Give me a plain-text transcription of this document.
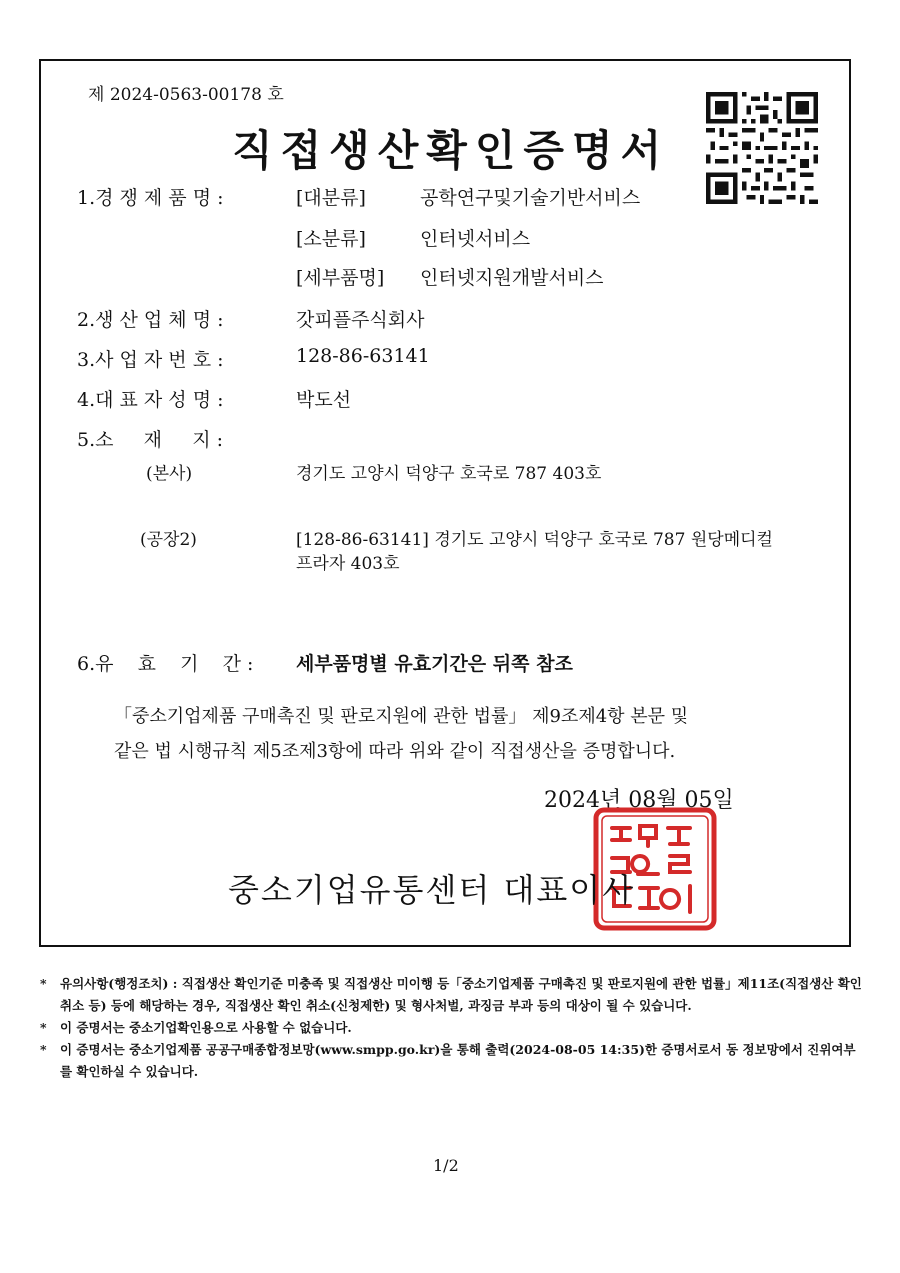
제 2024-0563-00178 호
직접생산확인증명서
1.경 쟁 제 품 명 :	[대분류]	공학연구및기술기반서비스
[소분류]	인터넷서비스
[세부품명] 인터넷지원개발서비스
2.생 산 업 체 명 :	갓피플주식회사
3.사 업 자 번 호 :	128-86-63141
4.대 표 자 성 명 :	박도선
5.소     재     지 :
(본사)	경기도 고양시 덕양구 호국로 787 403호
(공장2)	[128-86-63141] 경기도 고양시 덕양구 호국로 787 원당메디컬
프라자 403호
6.유    효    기    간 : 세부품명별 유효기간은 뒤쪽 참조
「중소기업제품 구매촉진 및 판로지원에 관한 법률」 제9조제4항 본문 및
같은 법 시행규칙 제5조제3항에 따라 위와 같이 직접생산을 증명합니다.
2024년 08월 05일
중소기업유통센터 대표이사
* 유의사항(행정조치) : 직접생산 확인기준 미충족 및 직접생산 미이행 등「중소기업제품 구매촉진 및 판로지원에 관한 법률」제11조(직접생산 확인 취소 등) 등에 해당하는 경우, 직접생산 확인 취소(신청제한) 및 형사처벌, 과징금 부과 등의 대상이 될 수 있습니다.
* 이 증명서는 중소기업확인용으로 사용할 수 없습니다.
* 이 증명서는 중소기업제품 공공구매종합정보망(www.smpp.go.kr)을 통해 출력(2024-08-05 14:35)한 증명서로서 동 정보망에서 진위여부를 확인하실 수 있습니다.
1/2
